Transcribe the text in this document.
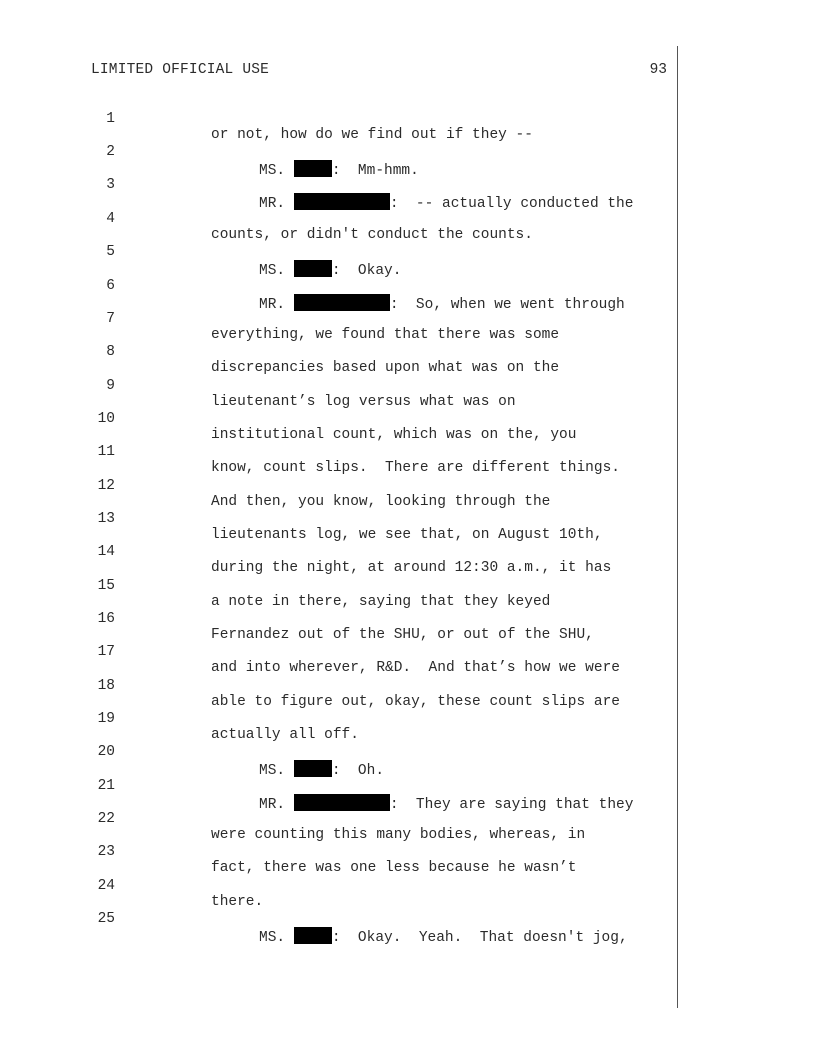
LIMITED OFFICIAL USE	93

1

or not, how do we find out if they --

2

MS.	:  Mm-hmm.

3

MR.	:  -- actually conducted the

4

counts, or didn't conduct the counts.

5

MS.	:  Okay.

6

MR.	:  So, when we went through

7

everything, we found that there was some

8

discrepancies based upon what was on the

9

lieutenant’s log versus what was on

10

institutional count, which was on the, you

11

know, count slips.  There are different things.

12

And then, you know, looking through the

13

lieutenants log, we see that, on August 10th,

14

during the night, at around 12:30 a.m., it has

15

a note in there, saying that they keyed

16

Fernandez out of the SHU, or out of the SHU,

17

and into wherever, R&D.  And that’s how we were

18

able to figure out, okay, these count slips are

19

actually all off.

20

MS.	:  Oh.

21

MR.	:  They are saying that they

22

were counting this many bodies, whereas, in

23

fact, there was one less because he wasn’t

24

there.

25

MS.	:  Okay.  Yeah.  That doesn't jog,
